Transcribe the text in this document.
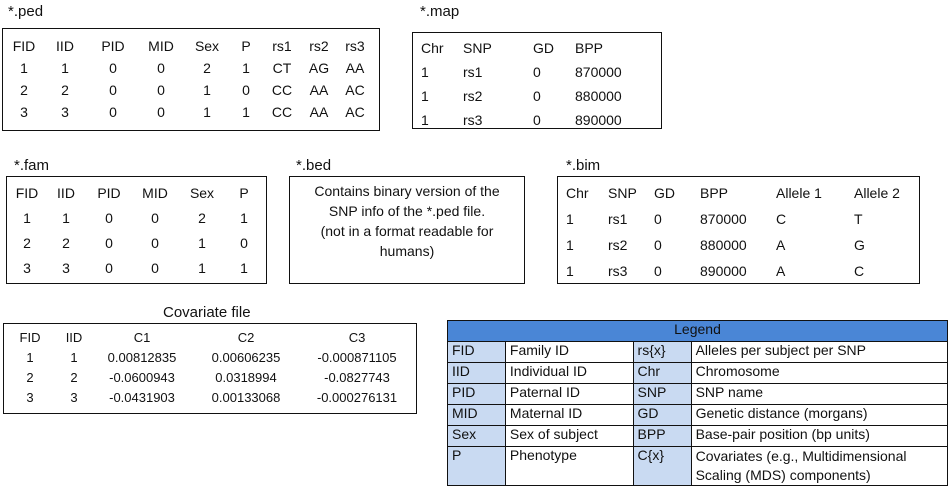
*.ped
FID	IID	PID	MID	Sex	P	rs1	rs2	rs3
1	1	0	0	2	1	CT	AG	AA
2	2	0	0	1	0	CC	AA	AC
3	3	0	0	1	1	CC	AA	AC
*.map
Chr	SNP	GD	BPP
1	rs1	0	870000
1	rs2	0	880000
1	rs3	0	890000
*.fam
FID	IID	PID	MID	Sex	P
1	1	0	0	2	1
2	2	0	0	1	0
3	3	0	0	1	1
*.bed
Contains binary version of the
SNP info of the *.ped file.
(not in a format readable for
humans)
*.bim
Chr	SNP	GD	BPP	Allele 1	Allele 2
1	rs1	0	870000	C	T
1	rs2	0	880000	A	G
1	rs3	0	890000	A	C
Covariate file
FID	IID	C1	C2	C3
1	1	0.00812835	0.00606235	-0.000871105
2	2	-0.0600943	0.0318994	-0.0827743
3	3	-0.0431903	0.00133068	-0.000276131
Legend			
FID	Family ID	rs{x}	Alleles per subject per SNP
IID	Individual ID	Chr	Chromosome
PID	Paternal ID	SNP	SNP name
MID	Maternal ID	GD	Genetic distance (morgans)
Sex	Sex of subject	BPP	Base-pair position (bp units)
P	Phenotype	C{x}	Covariates (e.g., Multidimensional Scaling (MDS) components)
